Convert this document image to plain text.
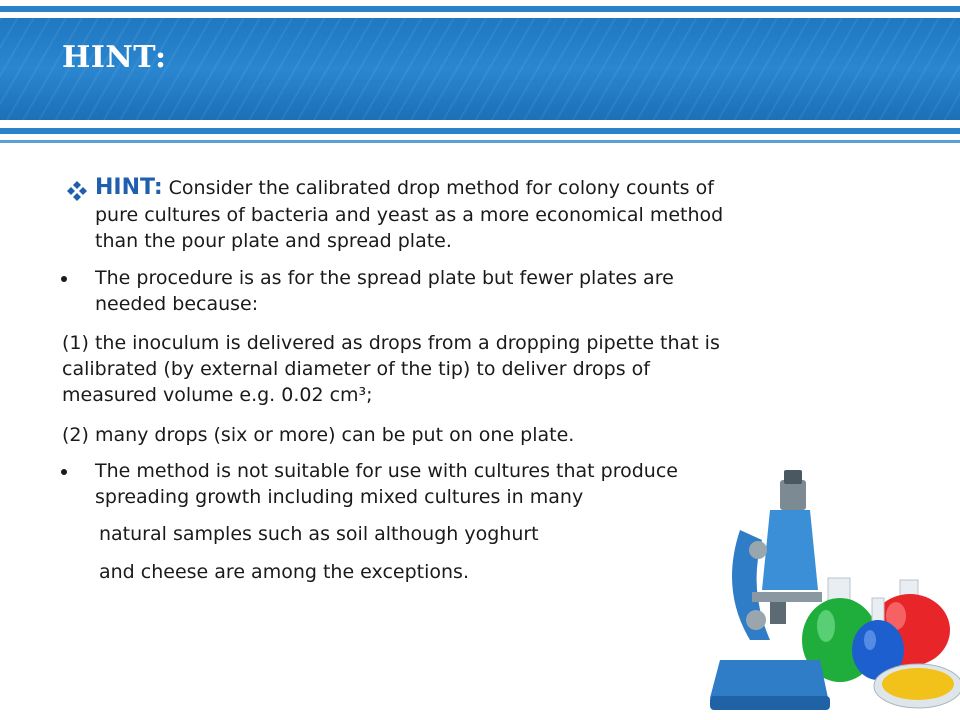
HINT:

HINT: Consider the calibrated drop method for colony counts of

pure cultures of bacteria and yeast as a more economical method

than the pour plate and spread plate.

The procedure is as for the spread plate but fewer plates are

needed because:

(1) the inoculum is delivered as drops from a dropping pipette that is

calibrated (by external diameter of the tip) to deliver drops of

measured volume e.g. 0.02 cm³;

(2) many drops (six or more) can be put on one plate.

The method is not suitable for use with cultures that produce

spreading growth including mixed cultures in many

natural samples such as soil although yoghurt

and cheese are among the exceptions.
